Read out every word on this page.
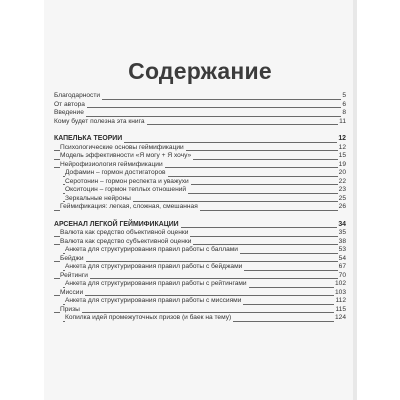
Содержание
Благодарности	5
От автора	6
Введение	8
Кому будет полезна эта книга	11
КАПЕЛЬКА ТЕОРИИ	12
Психологические основы геймификации	12
Модель эффективности «Я могу + Я хочу»	15
Нейрофизиология геймификации	19
Дофамин – гормон достигаторов	20
Серотонин – гормон респекта и уважухи	22
Окситоцин – гормон теплых отношений	23
Зеркальные нейроны	25
Геймификация: легкая, сложная, смешанная	26
АРСЕНАЛ ЛЕГКОЙ ГЕЙМИФИКАЦИИ	34
Валюта как средство объективной оценки	35
Валюта как средство субъективной оценки	38
Анкета для структурирования правил работы с баллами	53
Бейджи	54
Анкета для структурирования правил работы с бейджами	67
Рейтинги	70
Анкета для структурирования правил работы с рейтингами	102
Миссии	103
Анкета для структурирования правил работы с миссиями	112
Призы	115
Копилка идей промежуточных призов (и баек на тему)	124
